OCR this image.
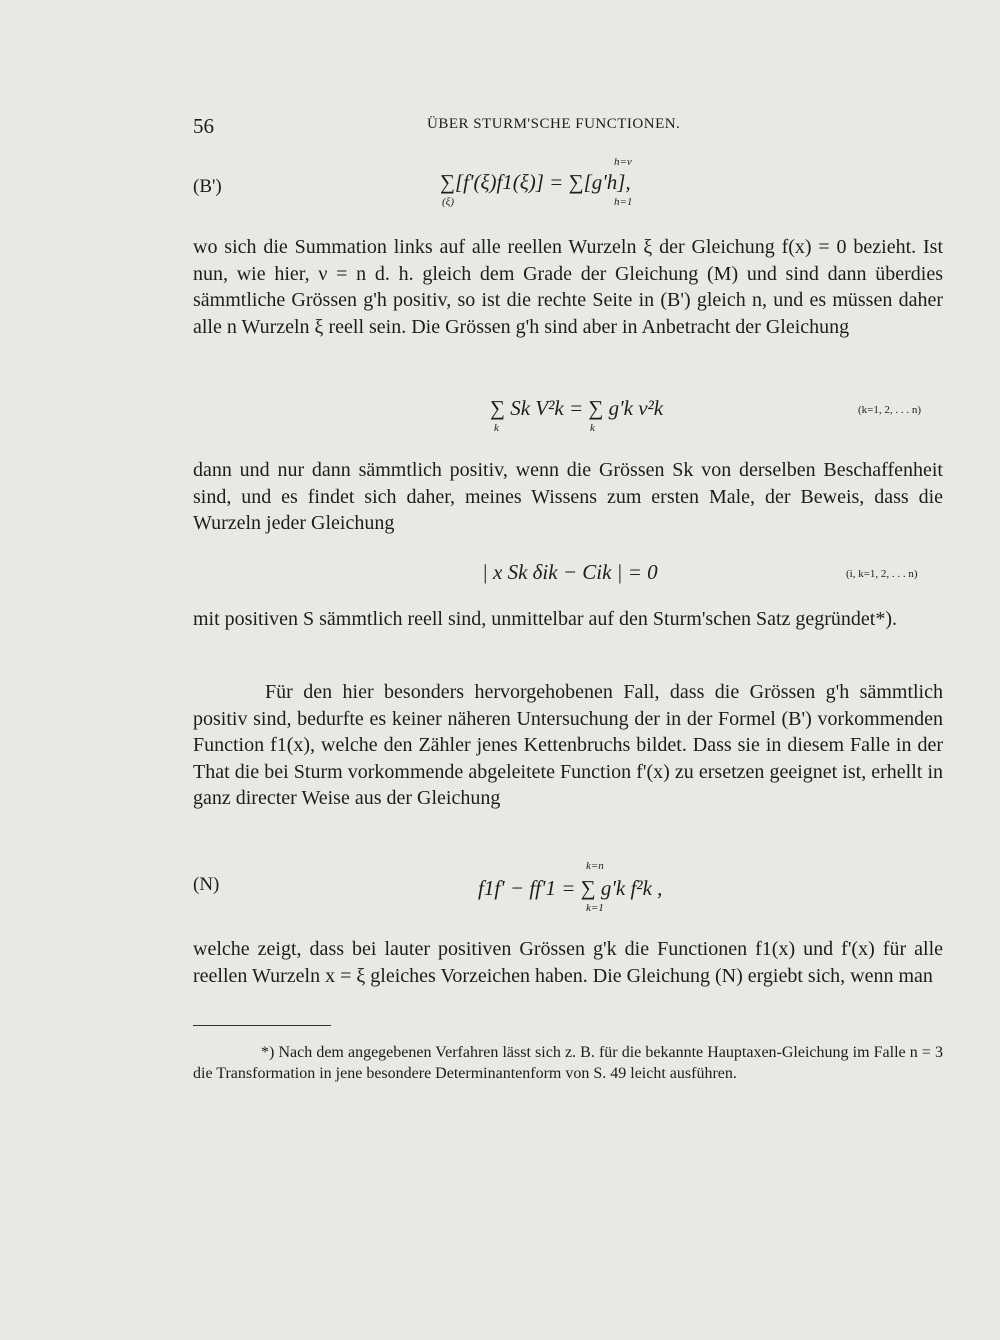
56	ÜBER STURM'SCHE FUNCTIONEN.
(B')	∑[f'(ξ)f1(ξ)] = ∑[g'h],
(ξ)
h=ν
h=1

wo sich die Summation links auf alle reellen Wurzeln ξ der Gleichung f(x) = 0 bezieht. Ist nun, wie hier, ν = n d. h. gleich dem Grade der Gleichung (M) und sind dann überdies sämmtliche Grössen g'h positiv, so ist die rechte Seite in (B') gleich n, und es müssen daher alle n Wurzeln ξ reell sein. Die Grössen g'h sind aber in Anbetracht der Gleichung

∑ Sk V²k = ∑ g'k v²k
k	k
(k=1, 2, . . . n)

dann und nur dann sämmtlich positiv, wenn die Grössen Sk von derselben Beschaffenheit sind, und es findet sich daher, meines Wissens zum ersten Male, der Beweis, dass die Wurzeln jeder Gleichung

| x Sk δik − Cik | = 0	(i, k=1, 2, . . . n)

mit positiven S sämmtlich reell sind, unmittelbar auf den Sturm'schen Satz gegründet*).

Für den hier besonders hervorgehobenen Fall, dass die Grössen g'h sämmtlich positiv sind, bedurfte es keiner näheren Untersuchung der in der Formel (B') vorkommenden Function f1(x), welche den Zähler jenes Kettenbruchs bildet. Dass sie in diesem Falle in der That die bei Sturm vorkommende abgeleitete Function f'(x) zu ersetzen geeignet ist, erhellt in ganz directer Weise aus der Gleichung

(N)	f1f' − ff'1 = ∑ g'k f²k ,
k=n
k=1

welche zeigt, dass bei lauter positiven Grössen g'k die Functionen f1(x) und f'(x) für alle reellen Wurzeln x = ξ gleiches Vorzeichen haben. Die Gleichung (N) ergiebt sich, wenn man

*) Nach dem angegebenen Verfahren lässt sich z. B. für die bekannte Hauptaxen-Gleichung im Falle n = 3 die Transformation in jene besondere Determinantenform von S. 49 leicht ausführen.
